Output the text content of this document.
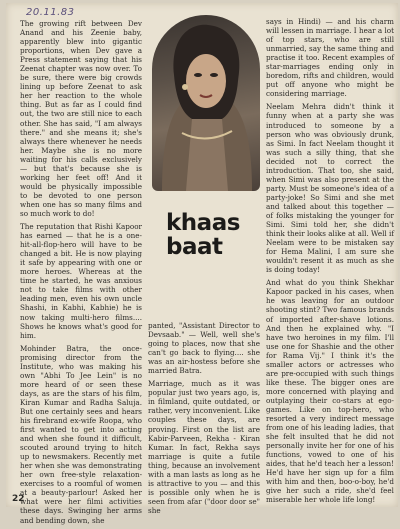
20.11.83

The growing rift between Dev Anand and his Zeenie baby, apparently blew into gigantic proportions, when Dev gave a Press statement saying that his Zeenat chapter was now over. To be sure, there were big crowds lining up before Zeenat to ask her her reaction to the whole thing. But as far as I could find out, the two are still nice to each other. She has said, "I am always there." and she means it; she's always there whenever he needs her. Maybe she is no more waiting for his calls exclusively — but that's because she is working her feet off! And it would be physically impossible to be devoted to one person when one has so many films and so much work to do!

The reputation that Rishi Kapoor has earned — that he is a one-hit-all-flop-hero will have to be changed a bit. He is now playing it safe by appearing with one or more heroes. Whereas at the time he started, he was anxious not to take films with other leading men, even his own uncle Shashi, in Kabhi, Kabhie) he is now taking multi-hero films.... Shows he knows what's good for him.

Mohinder Batra, the once-promising director from the Institute, who was making his own "Abhi To Jee Lein" is no more heard of or seen these days, as are the stars of his film, Kiran Kumar and Radha Saluja. But one certainly sees and hears his firebrand ex-wife Roopa, who first wanted to get into acting and when she found it difficult, scouted around trying to hitch up to newsmakers. Recently met her when she was demonstrating her own free-style relaxation-exercises to a roomful of women at a beauty-parlour! Asked her what were her filmi activities these days. Swinging her arms and bending down, she

khaas
baat

panted, "Assistant Director to Devsaab." — Well, well she's going to places, now that she can't go back to flying.... she was an air-hostess before she married Batra.

Marriage, much as it was popular just two years ago, is, in filmland, quite outdated, or rather, very inconvenient. Like couples these days, are proving. First on the list are Kabir-Parveen, Rekha - Kiran Kumar. In fact, Rekha says marriage is quite a futile thing, because an involvement with a man lasts as long as he is attractive to you — and this is possible only when he is seen from afar ("door door se" she

says in Hindi) — and his charm will lessen in marriage. I hear a lot of top stars, who are still unmarried, say the same thing and practise it too. Recent examples of star-marriages ending only in boredom, rifts and children, would put off anyone who might be considering marriage.

Neelam Mehra didn't think it funny when at a party she was introduced to someone by a person who was obviously drunk, as Simi. In fact Neelam thought it was such a silly thing, that she decided not to correct the introduction. That too, she said, when Simi was also present at the party. Must be someone's idea of a party-joke! So Simi and she met and talked about this together — of folks mistaking the younger for Simi. Simi told her, she didn't think their looks alike at all. Well if Neelam were to be mistaken say for Hema Malini, I am sure she wouldn't resent it as much as she is doing today!

And what do you think Shekhar Kapoor packed in his cases, when he was leaving for an outdoor shooting stint? Two famous brands of imported after-shave lotions. And then he explained why. "I have two heroines in my film. I'll use one for Shashie and the other for Rama Vij." I think it's the smaller actors or actresses who are pre-occupied with such things like these. The bigger ones are more concerned with playing and outplaying their co-stars at ego-games. Like on top-hero, who resorted a very indirect message from one of his leading ladies, that she felt insulted that he did not personally invite her for one of his functions, vowed to one of his aides, that he'd teach her a lesson! He'd have her sign up for a film with him and then, boo-o-boy, he'd give her such a ride, she'd feel miserable her whole life long!

22
